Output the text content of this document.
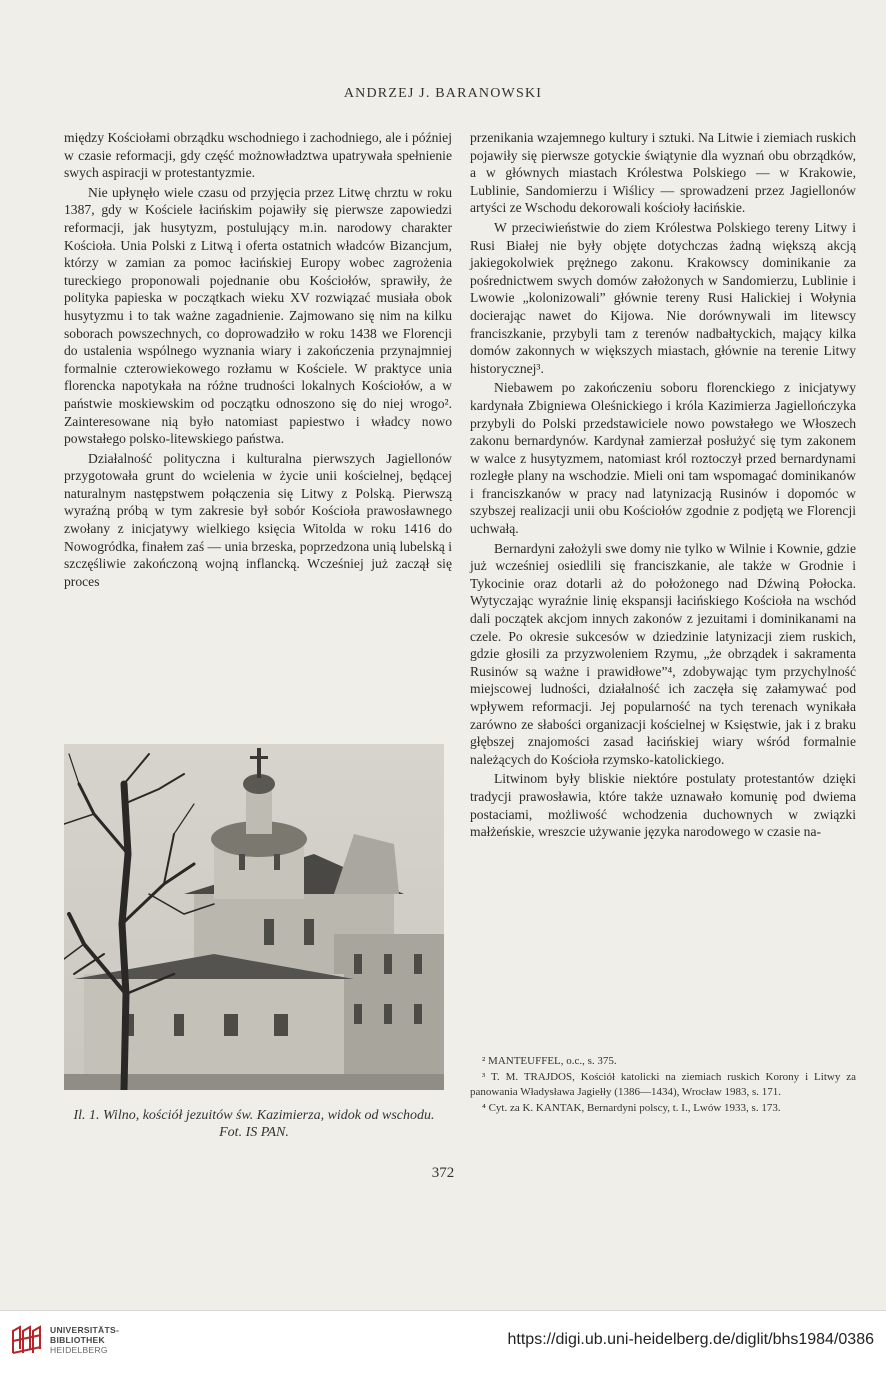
ANDRZEJ J. BARANOWSKI

między Kościołami obrządku wschodniego i zachodniego, ale i później w czasie reformacji, gdy część możnowładztwa upatrywała spełnienie swych aspiracji w protestantyzmie.

Nie upłynęło wiele czasu od przyjęcia przez Litwę chrztu w roku 1387, gdy w Kościele łacińskim pojawiły się pierwsze zapowiedzi reformacji, jak husytyzm, postulujący m.in. narodowy charakter Kościoła. Unia Polski z Litwą i oferta ostatnich władców Bizancjum, którzy w zamian za pomoc łacińskiej Europy wobec zagrożenia tureckiego proponowali pojednanie obu Kościołów, sprawiły, że polityka papieska w początkach wieku XV rozwiązać musiała obok husytyzmu i to tak ważne zagadnienie. Zajmowano się nim na kilku soborach powszechnych, co doprowadziło w roku 1438 we Florencji do ustalenia wspólnego wyznania wiary i zakończenia przynajmniej formalnie czterowiekowego rozłamu w Kościele. W praktyce unia florencka napotykała na różne trudności lokalnych Kościołów, a w państwie moskiewskim od początku odnoszono się do niej wrogo². Zainteresowane nią było natomiast papiestwo i władcy nowo powstałego polsko-litewskiego państwa.

Działalność polityczna i kulturalna pierwszych Jagiellonów przygotowała grunt do wcielenia w życie unii kościelnej, będącej naturalnym następstwem połączenia się Litwy z Polską. Pierwszą wyraźną próbą w tym zakresie był sobór Kościoła prawosławnego zwołany z inicjatywy wielkiego księcia Witolda w roku 1416 do Nowogródka, finałem zaś — unia brzeska, poprzedzona unią lubelską i szczęśliwie zakończoną wojną inflancką. Wcześniej już zaczął się proces

Il. 1. Wilno, kościół jezuitów św. Kazimierza, widok od wschodu. Fot. IS PAN.

przenikania wzajemnego kultury i sztuki. Na Litwie i ziemiach ruskich pojawiły się pierwsze gotyckie świątynie dla wyznań obu obrządków, a w głównych miastach Królestwa Polskiego — w Krakowie, Lublinie, Sandomierzu i Wiślicy — sprowadzeni przez Jagiellonów artyści ze Wschodu dekorowali kościoły łacińskie.

W przeciwieństwie do ziem Królestwa Polskiego tereny Litwy i Rusi Białej nie były objęte dotychczas żadną większą akcją jakiegokolwiek prężnego zakonu. Krakowscy dominikanie za pośrednictwem swych domów założonych w Sandomierzu, Lublinie i Lwowie „kolonizowali” głównie tereny Rusi Halickiej i Wołynia docierając nawet do Kijowa. Nie dorównywali im litewscy franciszkanie, przybyli tam z terenów nadbałtyckich, mający kilka domów zakonnych w większych miastach, głównie na terenie Litwy historycznej³.

Niebawem po zakończeniu soboru florenckiego z inicjatywy kardynała Zbigniewa Oleśnickiego i króla Kazimierza Jagiellończyka przybyli do Polski przedstawiciele nowo powstałego we Włoszech zakonu bernardynów. Kardynał zamierzał posłużyć się tym zakonem w walce z husytyzmem, natomiast król roztoczył przed bernardynami rozległe plany na wschodzie. Mieli oni tam wspomagać dominikanów i franciszkanów w pracy nad latynizacją Rusinów i dopomóc w szybszej realizacji unii obu Kościołów zgodnie z podjętą we Florencji uchwałą.

Bernardyni założyli swe domy nie tylko w Wilnie i Kownie, gdzie już wcześniej osiedlili się franciszkanie, ale także w Grodnie i Tykocinie oraz dotarli aż do położonego nad Dźwiną Połocka. Wytyczając wyraźnie linię ekspansji łacińskiego Kościoła na wschód dali początek akcjom innych zakonów z jezuitami i dominikanami na czele. Po okresie sukcesów w dziedzinie latynizacji ziem ruskich, gdzie głosili za przyzwoleniem Rzymu, „że obrządek i sakramenta Rusinów są ważne i prawidłowe”⁴, zdobywając tym przychylność miejscowej ludności, działalność ich zaczęła się załamywać pod wpływem reformacji. Jej popularność na tych terenach wynikała zarówno ze słabości organizacji kościelnej w Księstwie, jak i z braku głębszej znajomości zasad łacińskiej wiary wśród formalnie należących do Kościoła rzymsko-katolickiego.

Litwinom były bliskie niektóre postulaty protestantów dzięki tradycji prawosławia, które także uznawało komunię pod dwiema postaciami, możliwość wchodzenia duchownych w związki małżeńskie, wreszcie używanie języka narodowego w czasie na-

² MANTEUFFEL, o.c., s. 375.

³ T. M. TRAJDOS, Kościół katolicki na ziemiach ruskich Korony i Litwy za panowania Władysława Jagiełły (1386—1434), Wrocław 1983, s. 171.

⁴ Cyt. za K. KANTAK, Bernardyni polscy, t. I., Lwów 1933, s. 173.

372
UNIVERSITÄTS-
BIBLIOTHEK
HEIDELBERG
https://digi.ub.uni-heidelberg.de/diglit/bhs1984/0386
